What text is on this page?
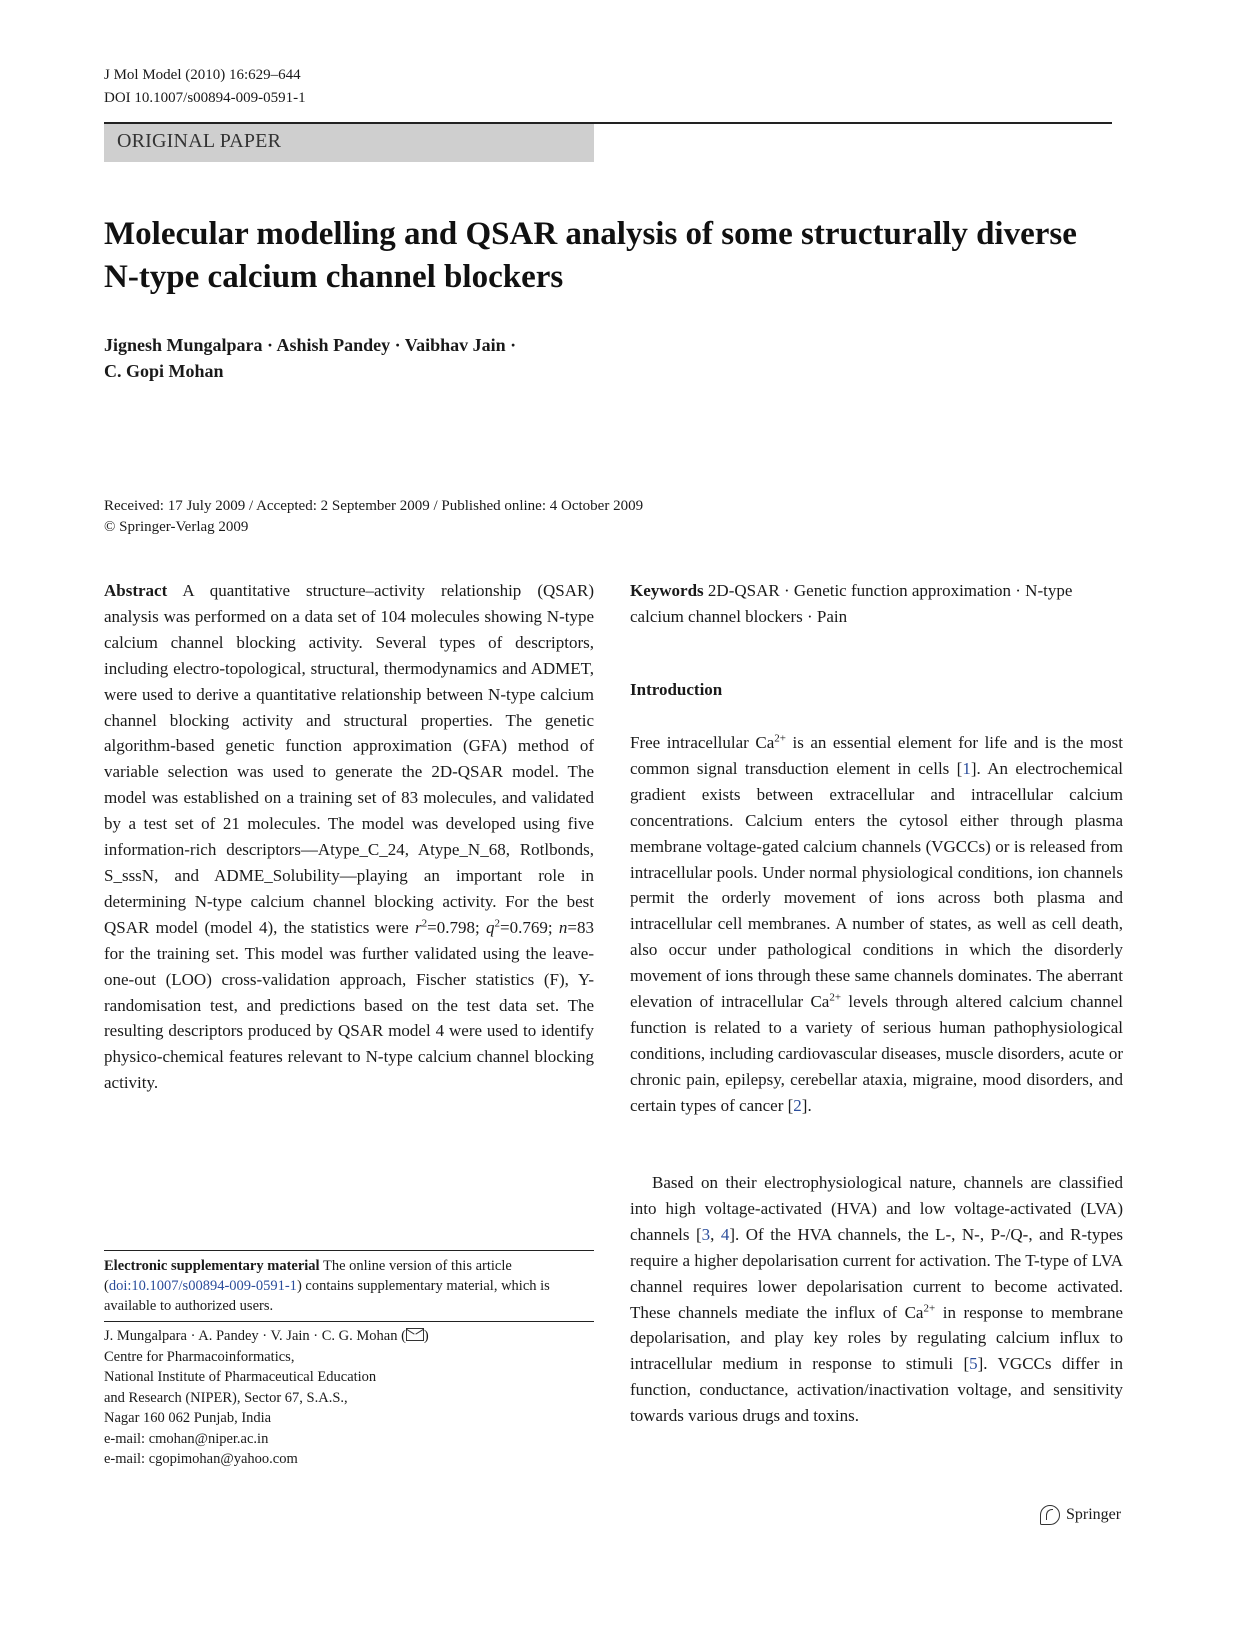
J Mol Model (2010) 16:629–644
DOI 10.1007/s00894-009-0591-1
ORIGINAL PAPER
Molecular modelling and QSAR analysis of some structurally diverse N-type calcium channel blockers
Jignesh Mungalpara · Ashish Pandey · Vaibhav Jain ·
C. Gopi Mohan
Received: 17 July 2009 / Accepted: 2 September 2009 / Published online: 4 October 2009
© Springer-Verlag 2009
Abstract A quantitative structure–activity relationship (QSAR) analysis was performed on a data set of 104 molecules showing N-type calcium channel blocking activity. Several types of descriptors, including electro-topological, structural, thermodynamics and ADMET, were used to derive a quantitative relationship between N-type calcium channel blocking activity and structural properties. The genetic algorithm-based genetic function approximation (GFA) method of variable selection was used to generate the 2D-QSAR model. The model was established on a training set of 83 molecules, and validated by a test set of 21 molecules. The model was developed using five information-rich descriptors—Atype_C_24, Atype_N_68, Rotlbonds, S_sssN, and ADME_Solubility—playing an important role in determining N-type calcium channel blocking activity. For the best QSAR model (model 4), the statistics were $r^2=0.798$; $q^2=0.769$; n=83 for the training set. This model was further validated using the leave-one-out (LOO) cross-validation approach, Fischer statistics (F), Y-randomisation test, and predictions based on the test data set. The resulting descriptors produced by QSAR model 4 were used to identify physico-chemical features relevant to N-type calcium channel blocking activity.
Keywords 2D-QSAR · Genetic function approximation · N-type calcium channel blockers · Pain
Introduction
Free intracellular $Ca^{2+}$ is an essential element for life and is the most common signal transduction element in cells [1]. An electrochemical gradient exists between extracellular and intracellular calcium concentrations. Calcium enters the cytosol either through plasma membrane voltage-gated calcium channels (VGCCs) or is released from intracellular pools. Under normal physiological conditions, ion channels permit the orderly movement of ions across both plasma and intracellular cell membranes. A number of states, as well as cell death, also occur under pathological conditions in which the disorderly movement of ions through these same channels dominates. The aberrant elevation of intracellular $Ca^{2+}$ levels through altered calcium channel function is related to a variety of serious human pathophysiological conditions, including cardiovascular diseases, muscle disorders, acute or chronic pain, epilepsy, cerebellar ataxia, migraine, mood disorders, and certain types of cancer [2].
Based on their electrophysiological nature, channels are classified into high voltage-activated (HVA) and low voltage-activated (LVA) channels [3, 4]. Of the HVA channels, the L-, N-, P-/Q-, and R-types require a higher depolarisation current for activation. The T-type of LVA channel requires lower depolarisation current to become activated. These channels mediate the influx of $Ca^{2+}$ in response to membrane depolarisation, and play key roles by regulating calcium influx to intracellular medium in response to stimuli [5]. VGCCs differ in function, conductance, activation/inactivation voltage, and sensitivity towards various drugs and toxins.
Electronic supplementary material The online version of this article (doi:10.1007/s00894-009-0591-1) contains supplementary material, which is available to authorized users.
J. Mungalpara · A. Pandey · V. Jain · C. G. Mohan ( )
Centre for Pharmacoinformatics,
National Institute of Pharmaceutical Education
and Research (NIPER), Sector 67, S.A.S.,
Nagar 160 062 Punjab, India
e-mail: cmohan@niper.ac.in
e-mail: cgopimohan@yahoo.com
Springer
